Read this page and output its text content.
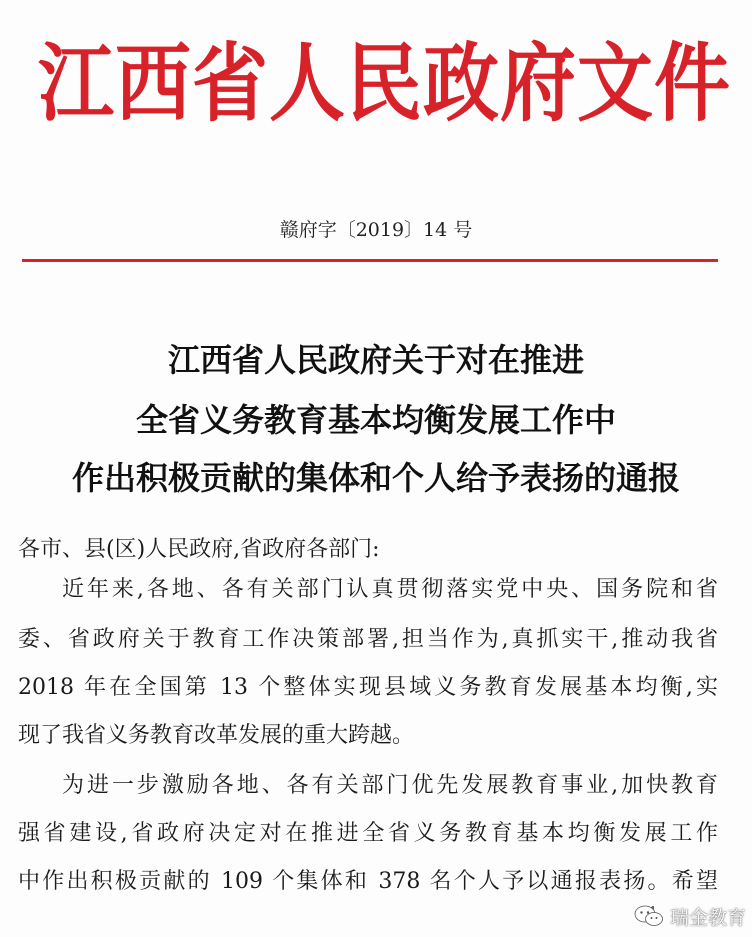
江西省人民政府文件
赣府字〔2019〕14 号
江西省人民政府关于对在推进
全省义务教育基本均衡发展工作中
作出积极贡献的集体和个人给予表扬的通报
各市、县(区)人民政府,省政府各部门:
近年来,各地、各有关部门认真贯彻落实党中央、国务院和省
委、省政府关于教育工作决策部署,担当作为,真抓实干,推动我省
2018 年在全国第 13 个整体实现县域义务教育发展基本均衡,实
现了我省义务教育改革发展的重大跨越。
为进一步激励各地、各有关部门优先发展教育事业,加快教育
强省建设,省政府决定对在推进全省义务教育基本均衡发展工作
中作出积极贡献的 109 个集体和 378 名个人予以通报表扬。希望
瑞金教育
